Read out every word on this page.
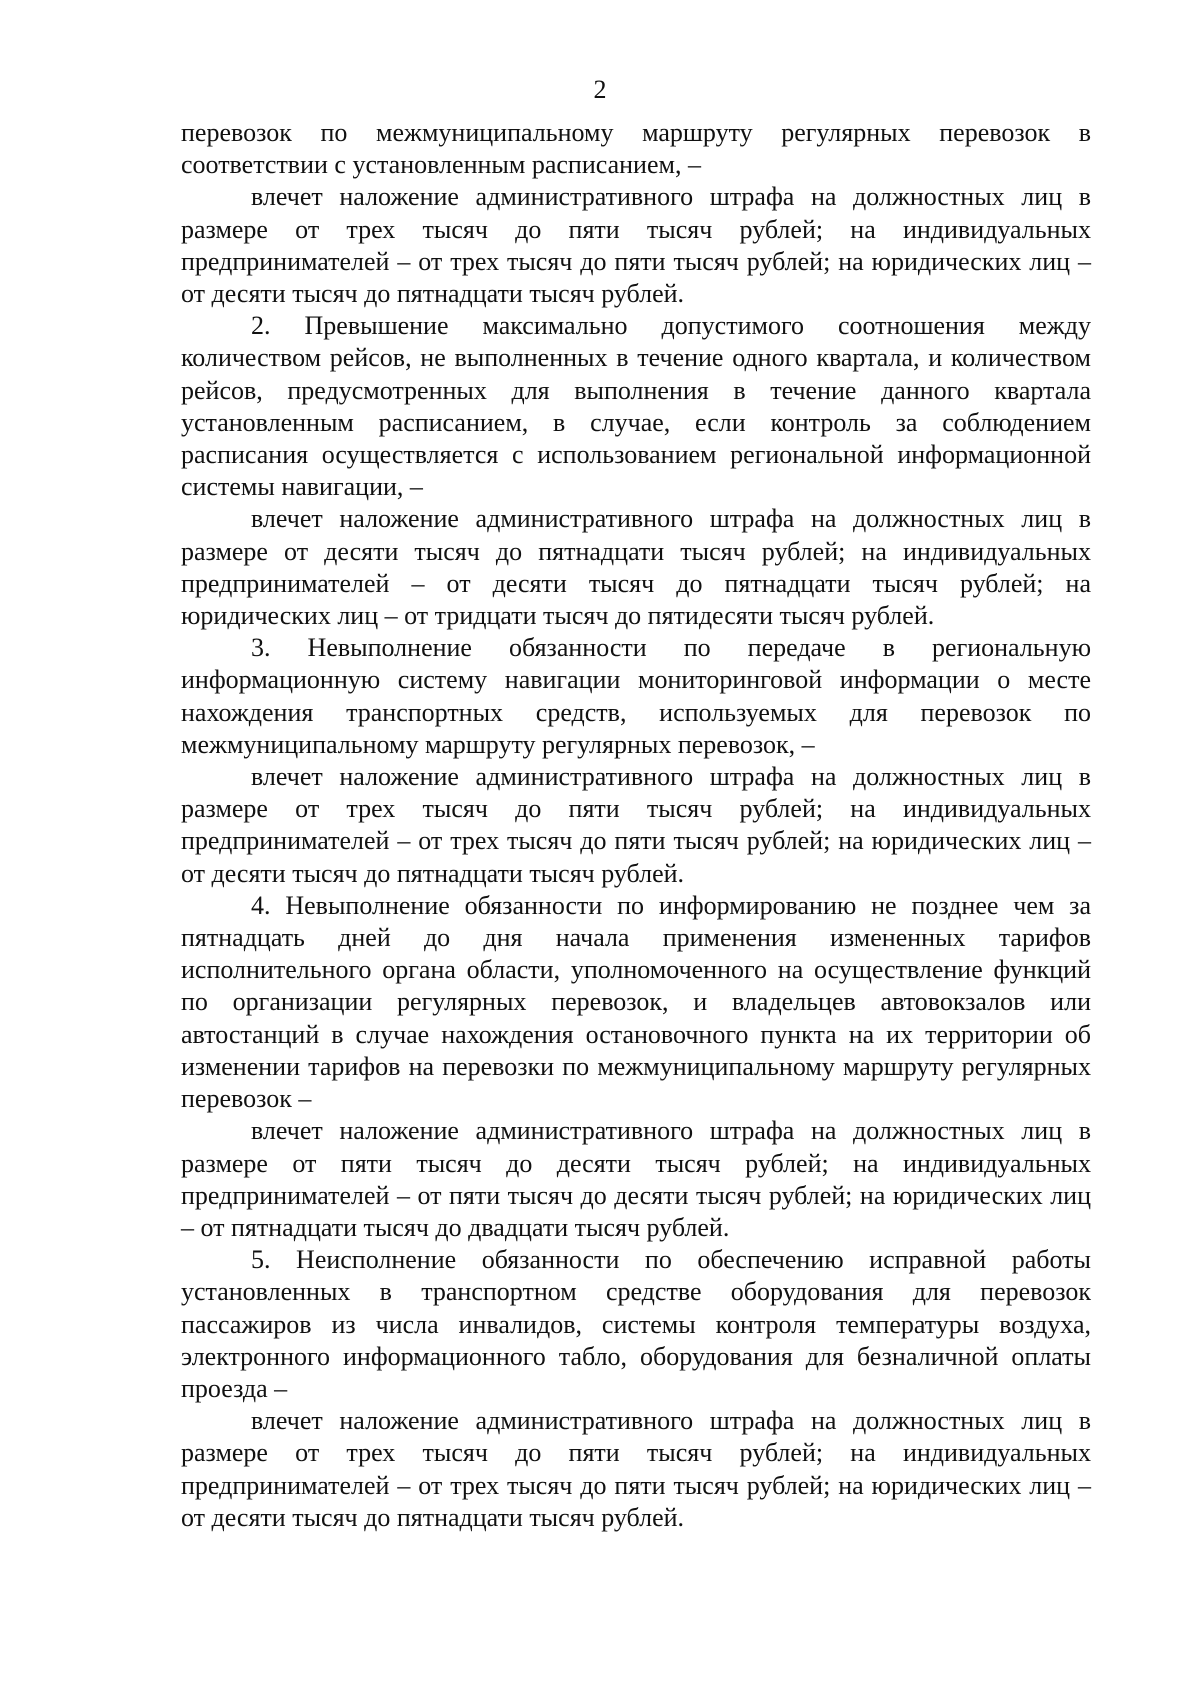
2

перевозок по межмуниципальному маршруту регулярных перевозок в соответствии с установленным расписанием, –

влечет наложение административного штрафа на должностных лиц в размере от трех тысяч до пяти тысяч рублей; на индивидуальных предпринимателей – от трех тысяч до пяти тысяч рублей; на юридических лиц – от десяти тысяч до пятнадцати тысяч рублей.

2. Превышение максимально допустимого соотношения между количеством рейсов, не выполненных в течение одного квартала, и количеством рейсов, предусмотренных для выполнения в течение данного квартала установленным расписанием, в случае, если контроль за соблюдением расписания осуществляется с использованием региональной информационной системы навигации, –

влечет наложение административного штрафа на должностных лиц в размере от десяти тысяч до пятнадцати тысяч рублей; на индивидуальных предпринимателей – от десяти тысяч до пятнадцати тысяч рублей; на юридических лиц – от тридцати тысяч до пятидесяти тысяч рублей.

3. Невыполнение обязанности по передаче в региональную информационную систему навигации мониторинговой информации о месте нахождения транспортных средств, используемых для перевозок по межмуниципальному маршруту регулярных перевозок, –

влечет наложение административного штрафа на должностных лиц в размере от трех тысяч до пяти тысяч рублей; на индивидуальных предпринимателей – от трех тысяч до пяти тысяч рублей; на юридических лиц – от десяти тысяч до пятнадцати тысяч рублей.

4. Невыполнение обязанности по информированию не позднее чем за пятнадцать дней до дня начала применения измененных тарифов исполнительного органа области, уполномоченного на осуществление функций по организации регулярных перевозок, и владельцев автовокзалов или автостанций в случае нахождения остановочного пункта на их территории об изменении тарифов на перевозки по межмуниципальному маршруту регулярных перевозок –

влечет наложение административного штрафа на должностных лиц в размере от пяти тысяч до десяти тысяч рублей; на индивидуальных предпринимателей – от пяти тысяч до десяти тысяч рублей; на юридических лиц – от пятнадцати тысяч до двадцати тысяч рублей.

5. Неисполнение обязанности по обеспечению исправной работы установленных в транспортном средстве оборудования для перевозок пассажиров из числа инвалидов, системы контроля температуры воздуха, электронного информационного табло, оборудования для безналичной оплаты проезда –

влечет наложение административного штрафа на должностных лиц в размере от трех тысяч до пяти тысяч рублей; на индивидуальных предпринимателей – от трех тысяч до пяти тысяч рублей; на юридических лиц – от десяти тысяч до пятнадцати тысяч рублей.
